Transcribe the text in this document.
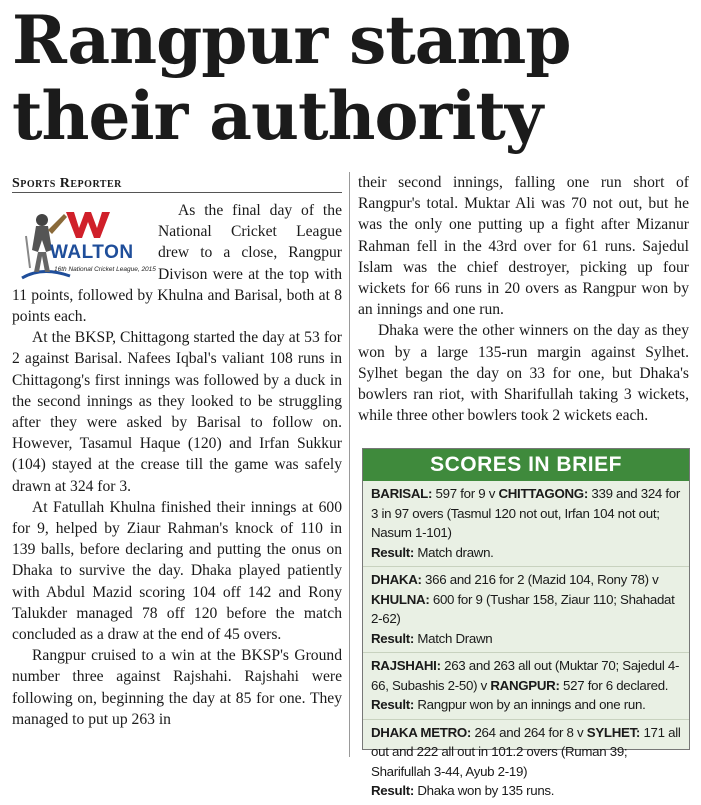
Rangpur stamp
their authority
Sports Reporter
WALTON
16th National Cricket League, 2015

As the final day of the National Cricket League drew to a close, Rangpur Divison were at the top with 11 points, followed by Khulna and Barisal, both at 8 points each.

At the BKSP, Chittagong started the day at 53 for 2 against Barisal. Nafees Iqbal's valiant 108 runs in Chittagong's first innings was followed by a duck in the second innings as they looked to be struggling after they were asked by Barisal to follow on. However, Tasamul Haque (120) and Irfan Sukkur (104) stayed at the crease till the game was safely drawn at 324 for 3.

At Fatullah Khulna finished their innings at 600 for 9, helped by Ziaur Rahman's knock of 110 in 139 balls, before declaring and putting the onus on Dhaka to survive the day. Dhaka played patiently with Abdul Mazid scoring 104 off 142 and Rony Talukder managed 78 off 120 before the match concluded as a draw at the end of 45 overs.

Rangpur cruised to a win at the BKSP's Ground number three against Rajshahi. Rajshahi were following on, beginning the day at 85 for one. They managed to put up 263 in

their second innings, falling one run short of Rangpur's total. Muktar Ali was 70 not out, but he was the only one putting up a fight after Mizanur Rahman fell in the 43rd over for 61 runs. Sajedul Islam was the chief destroyer, picking up four wickets for 66 runs in 20 overs as Rangpur won by an innings and one run.

Dhaka were the other winners on the day as they won by a large 135-run margin against Sylhet. Sylhet began the day on 33 for one, but Dhaka's bowlers ran riot, with Sharifullah taking 3 wickets, while three other bowlers took 2 wickets each.

SCORES IN BRIEF
BARISAL: 597 for 9 v CHITTAGONG: 339 and 324 for 3 in 97 overs (Tasmul 120 not out, Irfan 104 not out; Nasum 1-101)
Result: Match drawn.
DHAKA: 366 and 216 for 2 (Mazid 104, Rony 78) v KHULNA: 600 for 9 (Tushar 158, Ziaur 110; Shahadat 2-62)
Result: Match Drawn
RAJSHAHI: 263 and 263 all out (Muktar 70; Sajedul 4-66, Subashis 2-50) v RANGPUR: 527 for 6 declared.
Result: Rangpur won by an innings and one run.
DHAKA METRO: 264 and 264 for 8 v SYLHET: 171 all out and 222 all out in 101.2 overs (Ruman 39; Sharifullah 3-44, Ayub 2-19)
Result: Dhaka won by 135 runs.
